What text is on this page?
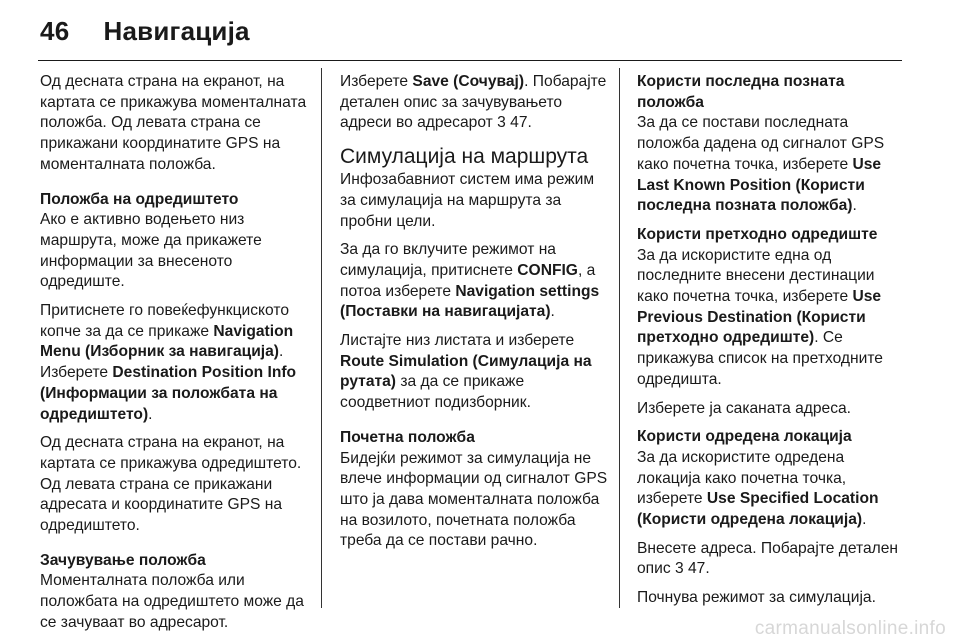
46 Навигација

Од десната страна на екранот, на картата се прикажува моменталната положба. Од левата страна се прикажани координатите GPS на моменталната положба.

Положба на одредиштето

Ако е активно водењето низ маршрута, може да прикажете информации за внесеното одредиште.

Притиснете го повеќефункциското копче за да се прикаже Navigation Menu (Изборник за навигација). Изберете Destination Position Info (Информации за положбата на одредиштето).

Од десната страна на екранот, на картата се прикажува одредиштето. Од левата страна се прикажани адресата и координатите GPS на одредиштето.

Зачувување положба

Моменталната положба или положбата на одредиштето може да се зачуваат во адресарот.

Изберете Save (Сочувај). Побарајте детален опис за зачувувањето адреси во адресарот 3 47.

Симулација на маршрута

Инфозабавниот систем има режим за симулација на маршрута за пробни цели.

За да го вклучите режимот на симулација, притиснете CONFIG, а потоа изберете Navigation settings (Поставки на навигацијата).

Листајте низ листата и изберете Route Simulation (Симулација на рутата) за да се прикаже соодветниот подизборник.

Почетна положба

Бидејќи режимот за симулација не влече информации од сигналот GPS што ја дава моменталната положба на возилото, почетната положба треба да се постави рачно.

Користи последна позната положба

За да се постави последната положба дадена од сигналот GPS како почетна точка, изберете Use Last Known Position (Користи последна позната положба).

Користи претходно одредиште

За да искористите една од последните внесени дестинации како почетна точка, изберете Use Previous Destination (Користи претходно одредиште). Се прикажува список на претходните одредишта.

Изберете ја саканата адреса.

Користи одредена локација

За да искористите одредена локација како почетна точка, изберете Use Specified Location (Користи одредена локација).

Внесете адреса. Побарајте детален опис 3 47.

Почнува режимот за симулација.

carmanualsonline.info
